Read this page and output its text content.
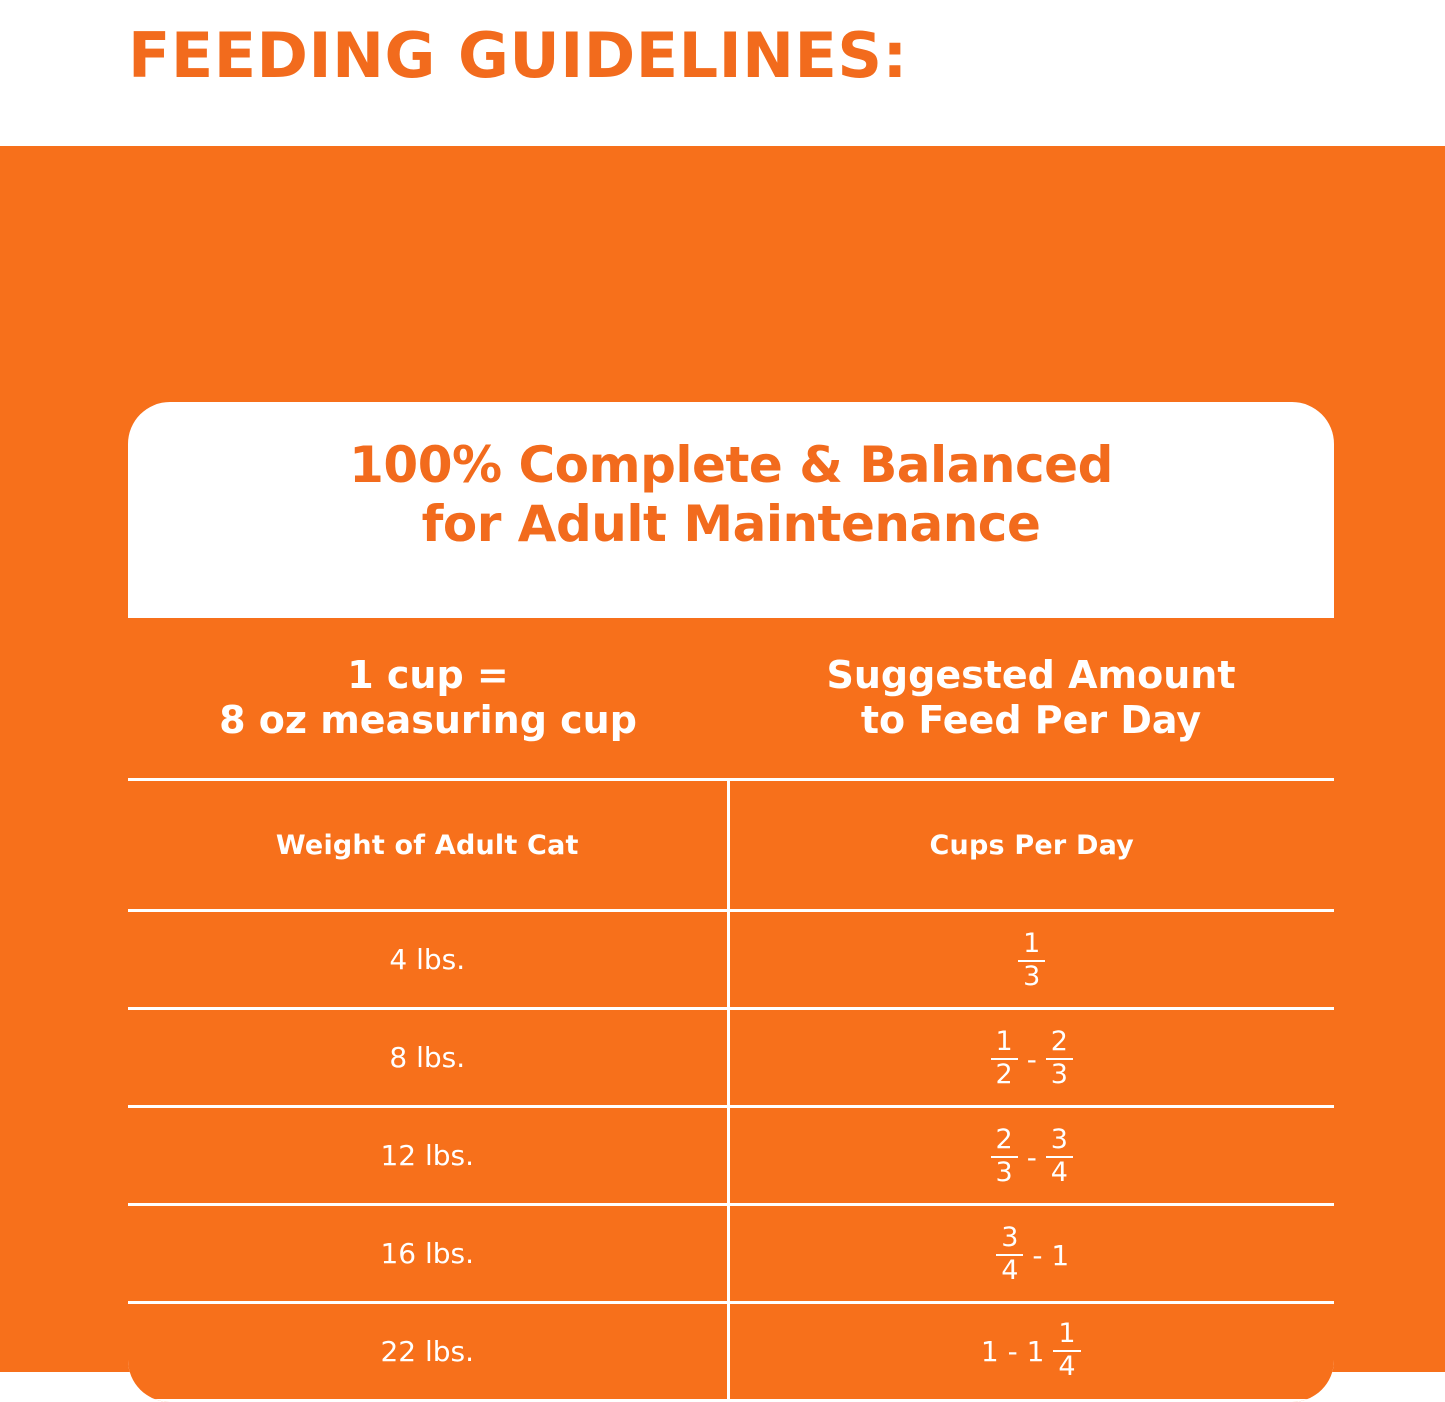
FEEDING GUIDELINES:
100% Complete & Balanced
for Adult Maintenance
1 cup =
8 oz measuring cup

Suggested Amount
to Feed Per Day

Weight of Adult Cat	Cups Per Day
4 lbs.	$\frac{1}{3}$

8 lbs.	$\frac{1}{2} - \frac{2}{3}$

12 lbs.	$\frac{2}{3} - \frac{3}{4}$

16 lbs.	$\frac{3}{4} - 1$

22 lbs.	$1 - 1 \frac{1}{4}$
